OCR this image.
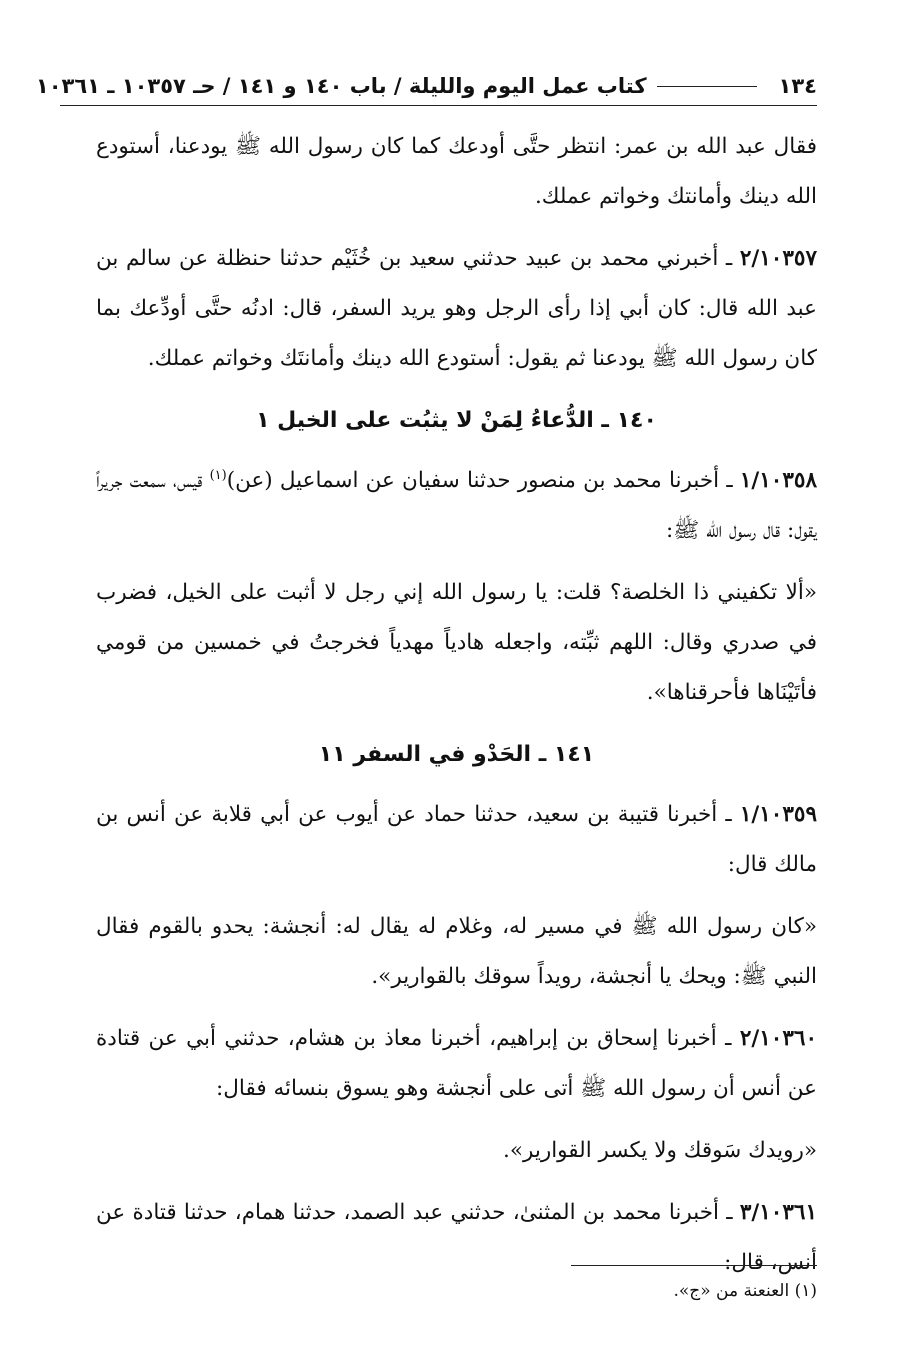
١٣٤
كتاب عمل اليوم والليلة / باب ١٤٠ و ١٤١ / حـ ١٠٣٥٧ ـ ١٠٣٦١

فقال عبد الله بن عمر: انتظر حتَّى أودعك كما كان رسول الله ﷺ يودعنا، أستودع الله دينك وأمانتك وخواتم عملك.

٢/١٠٣٥٧ ـ أخبرني محمد بن عبيد حدثني سعيد بن خُثَيْم حدثنا حنظلة عن سالم بن عبد الله قال: كان أبي إذا رأى الرجل وهو يريد السفر، قال: ادنُه حتَّى أودِّعك بما كان رسول الله ﷺ يودعنا ثم يقول: أستودع الله دينك وأمانتَك وخواتم عملك.

١٤٠ ـ الدُّعاءُ لِمَنْ لا يثبُت على الخيل ١

١/١٠٣٥٨ ـ أخبرنا محمد بن منصور حدثنا سفيان عن اسماعيل (عن)$^{(١)}$ قيس، سمعت جريراً يقول: قال رسول الله ﷺ:

«ألا تكفيني ذا الخلصة؟ قلت: يا رسول الله إني رجل لا أثبت على الخيل، فضرب في صدري وقال: اللهم ثبِّته، واجعله هادياً مهدياً فخرجتُ في خمسين من قومي فأتَيْنَاها فأحرقناها».

١٤١ ـ الحَدْو في السفر ١١

١/١٠٣٥٩ ـ أخبرنا قتيبة بن سعيد، حدثنا حماد عن أيوب عن أبي قلابة عن أنس بن مالك قال:

«كان رسول الله ﷺ في مسير له، وغلام له يقال له: أنجشة: يحدو بالقوم فقال النبي ﷺ: ويحك يا أنجشة، رويداً سوقك بالقوارير».

٢/١٠٣٦٠ ـ أخبرنا إسحاق بن إبراهيم، أخبرنا معاذ بن هشام، حدثني أبي عن قتادة عن أنس أن رسول الله ﷺ أتى على أنجشة وهو يسوق بنسائه فقال:

«رويدك سَوقك ولا يكسر القوارير».

٣/١٠٣٦١ ـ أخبرنا محمد بن المثنىٰ، حدثني عبد الصمد، حدثنا همام، حدثنا قتادة عن أنس، قال:

(١) العنعنة من «ج».
